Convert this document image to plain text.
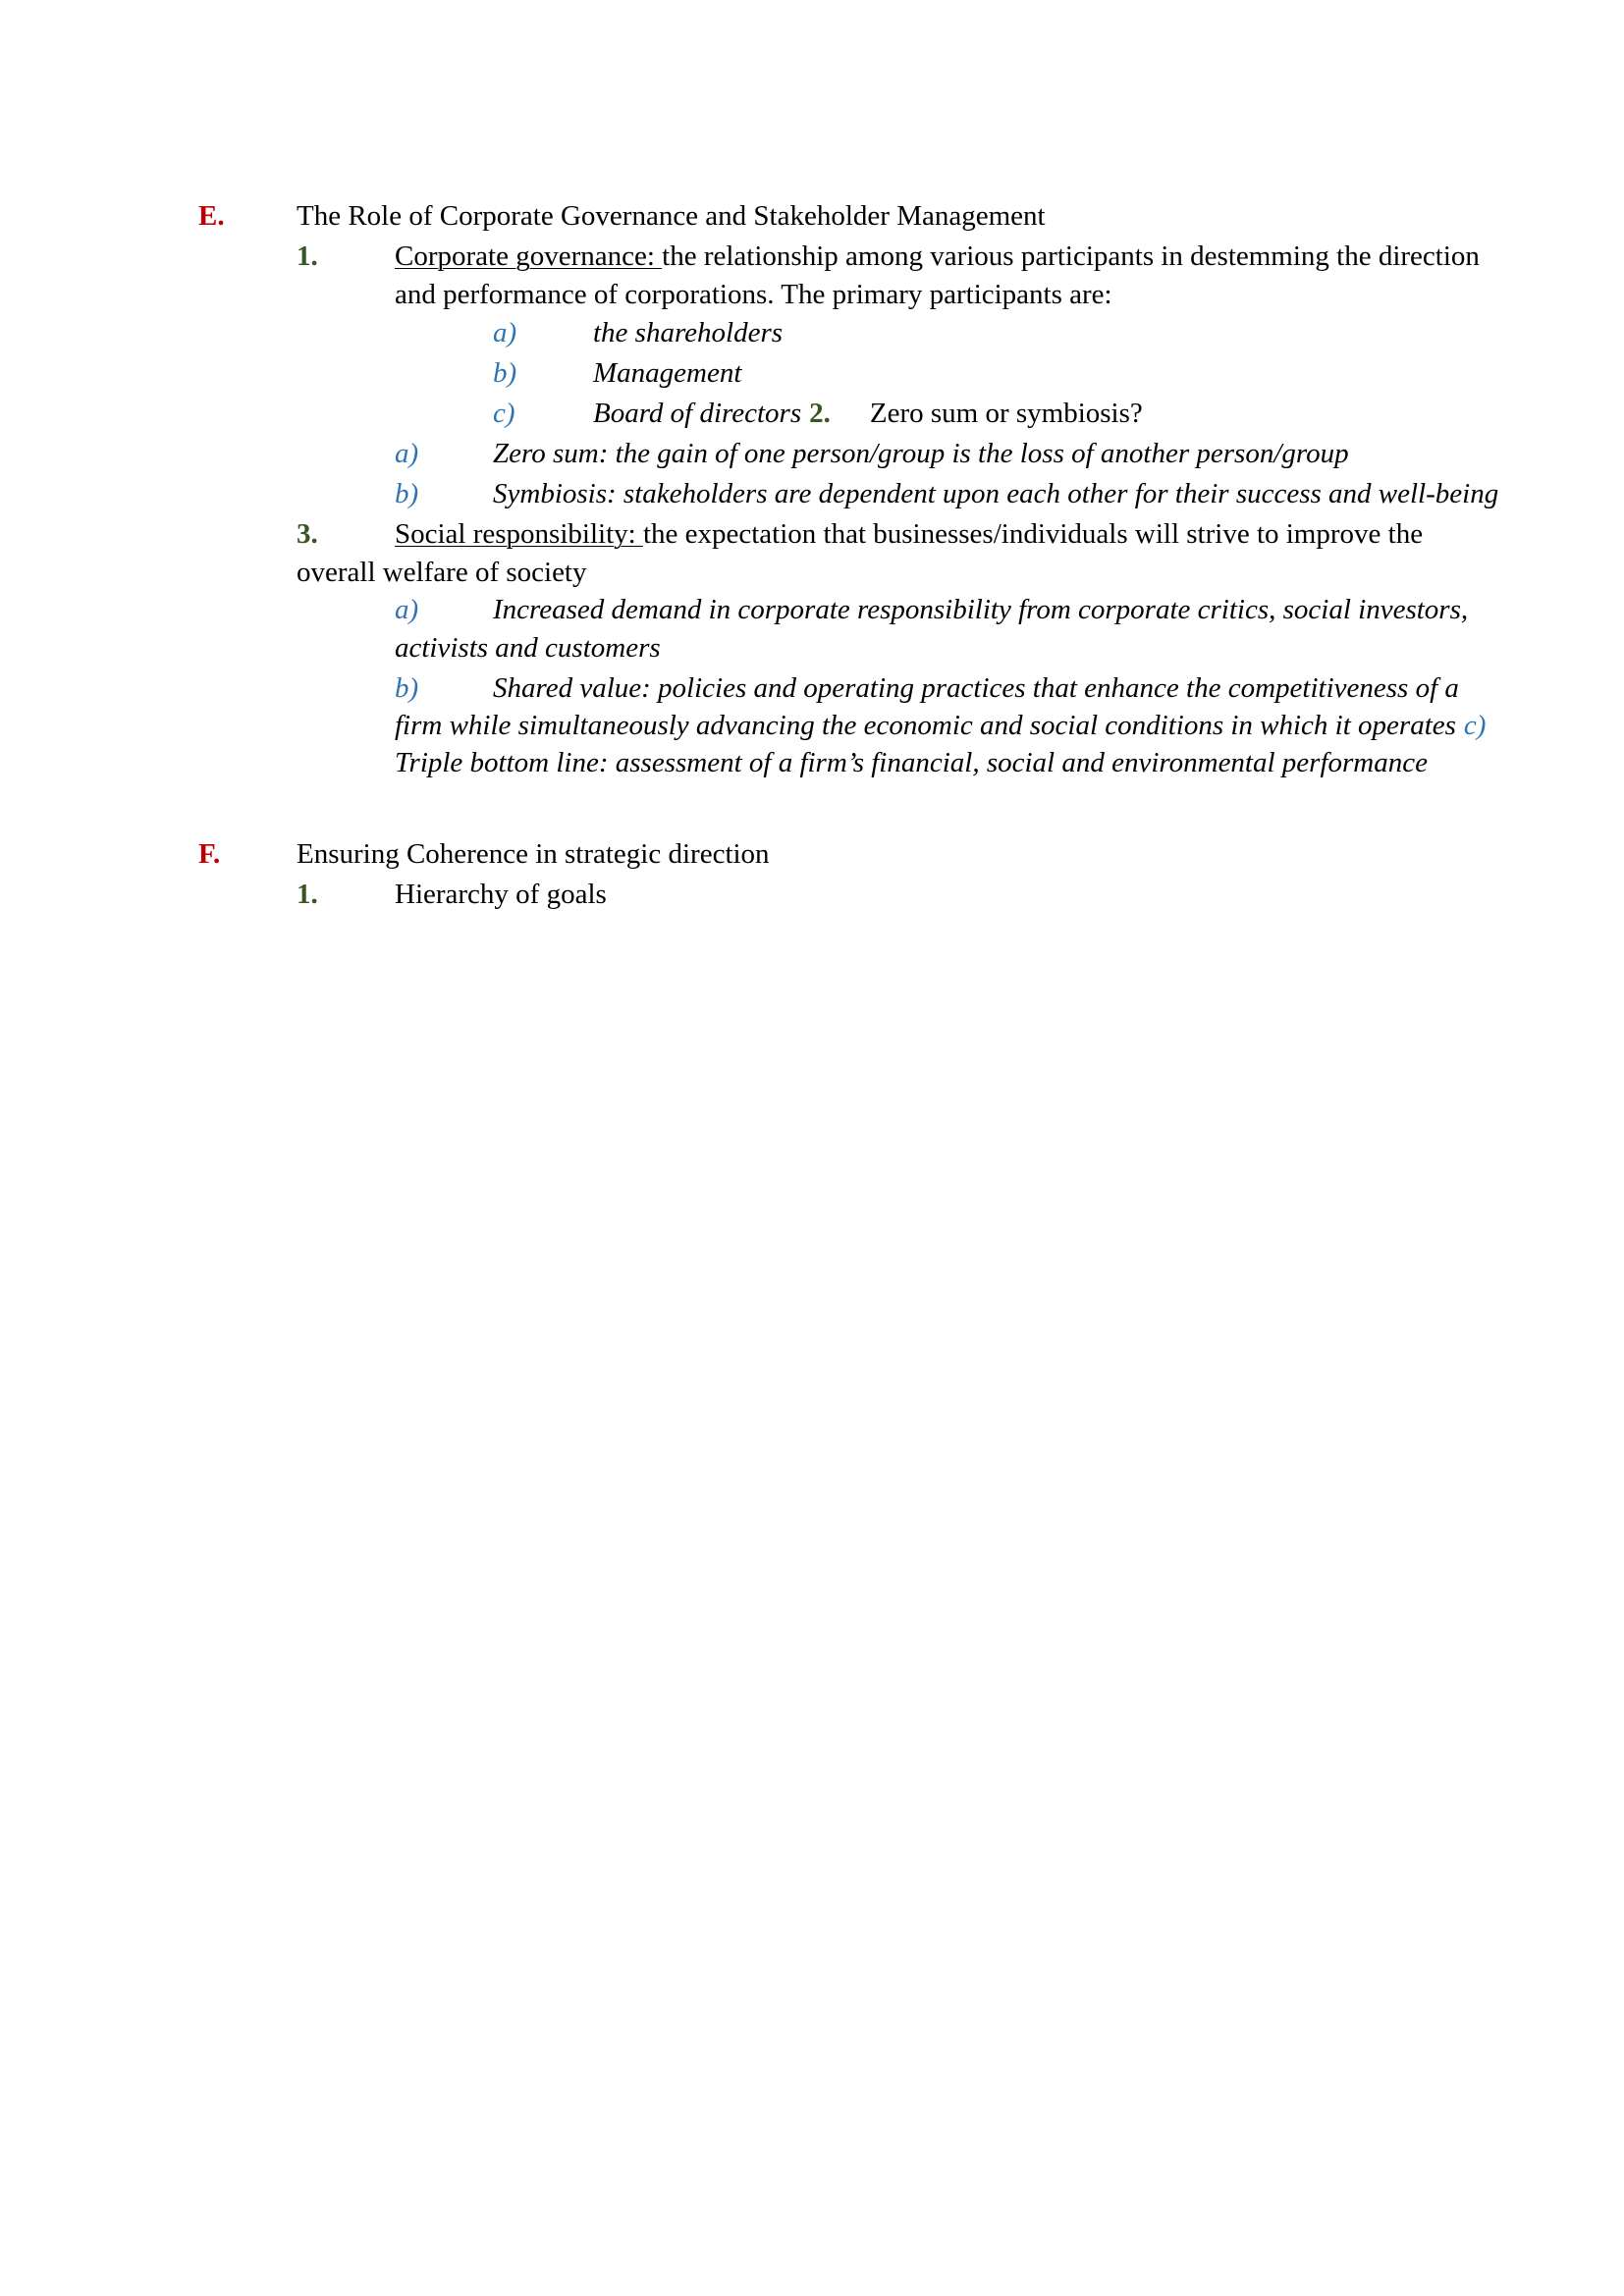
E.	The Role of Corporate Governance and Stakeholder Management
1.	Corporate governance: the relationship among various participants in destemming the direction
and performance of corporations. The primary participants are:
a)	the shareholders
b)	Management
c)	Board of directors 2. Zero sum or symbiosis?
a)	Zero sum: the gain of one person/group is the loss of another person/group
b)	Symbiosis: stakeholders are dependent upon each other for their success and well-being
3.	Social responsibility: the expectation that businesses/individuals will strive to improve the
overall welfare of society
a)	Increased demand in corporate responsibility from corporate critics, social investors,
activists and customers
b)	Shared value: policies and operating practices that enhance the competitiveness of a
firm while simultaneously advancing the economic and social conditions in which it operates c)
Triple bottom line: assessment of a firm’s financial, social and environmental performance
F.	Ensuring Coherence in strategic direction
1.	Hierarchy of goals
